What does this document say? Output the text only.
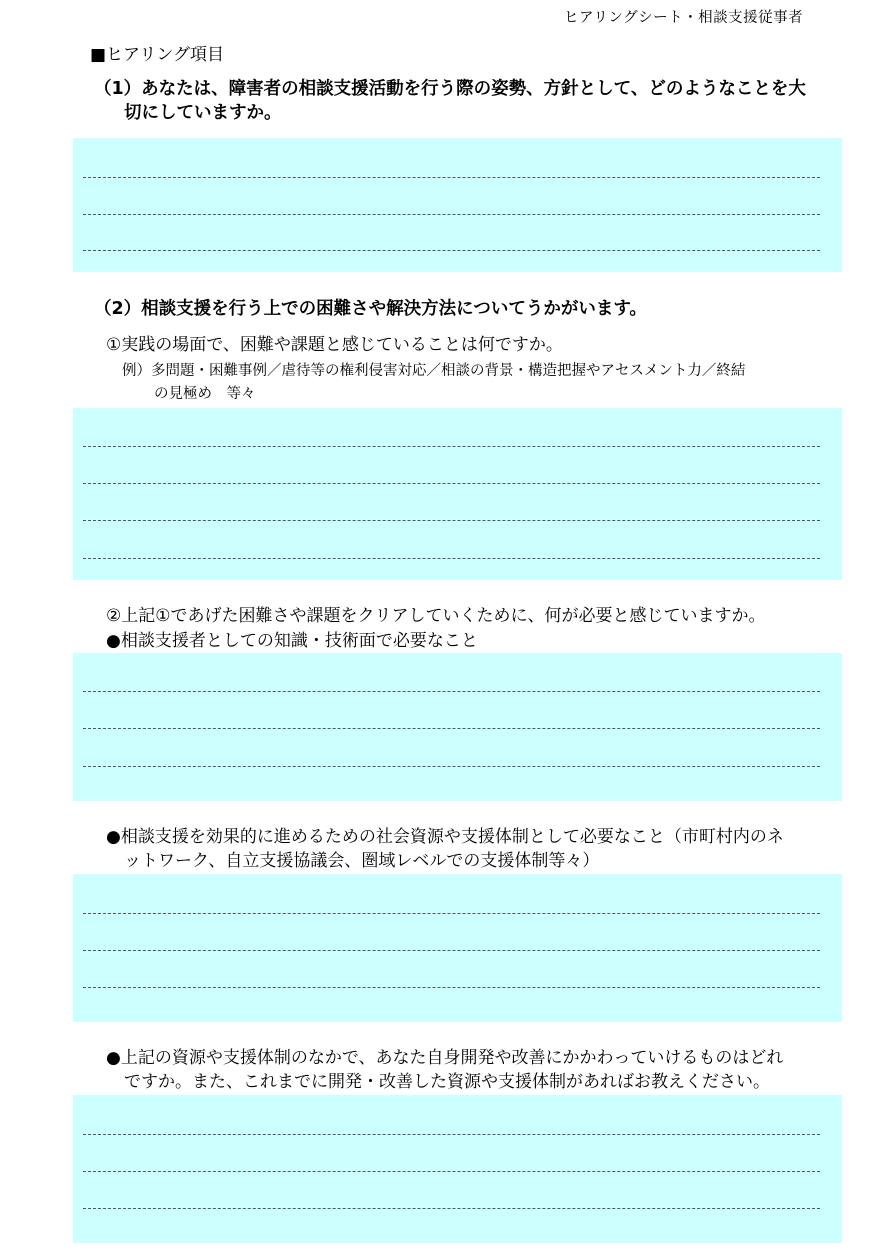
ヒアリングシート・相談支援従事者
■ヒアリング項目
（1）あなたは、障害者の相談支援活動を行う際の姿勢、方針として、どのようなことを大
切にしていますか。
（2）相談支援を行う上での困難さや解決方法についてうかがいます。
①実践の場面で、困難や課題と感じていることは何ですか。
例）多問題・困難事例／虐待等の権利侵害対応／相談の背景・構造把握やアセスメント力／終結
の見極め　等々
②上記①であげた困難さや課題をクリアしていくために、何が必要と感じていますか。
●相談支援者としての知識・技術面で必要なこと
●相談支援を効果的に進めるための社会資源や支援体制として必要なこと（市町村内のネ
ットワーク、自立支援協議会、圏域レベルでの支援体制等々）
●上記の資源や支援体制のなかで、あなた自身開発や改善にかかわっていけるものはどれ
ですか。また、これまでに開発・改善した資源や支援体制があればお教えください。
